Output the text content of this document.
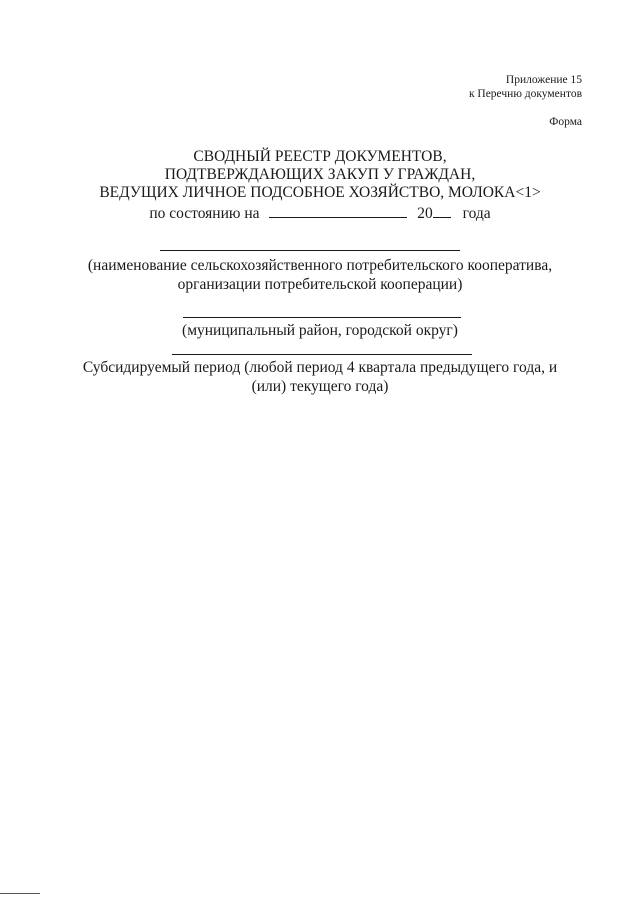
Приложение 15
к Перечню документов
Форма
СВОДНЫЙ РЕЕСТР ДОКУМЕНТОВ,
ПОДТВЕРЖДАЮЩИХ ЗАКУП У ГРАЖДАН,
ВЕДУЩИХ ЛИЧНОЕ ПОДСОБНОЕ ХОЗЯЙСТВО, МОЛОКА<1>
по состоянию на	20 года
(наименование сельскохозяйственного потребительского кооператива,
организации потребительской кооперации)
(муниципальный район, городской округ)
Субсидируемый период (любой период 4 квартала предыдущего года, и
(или) текущего года)
